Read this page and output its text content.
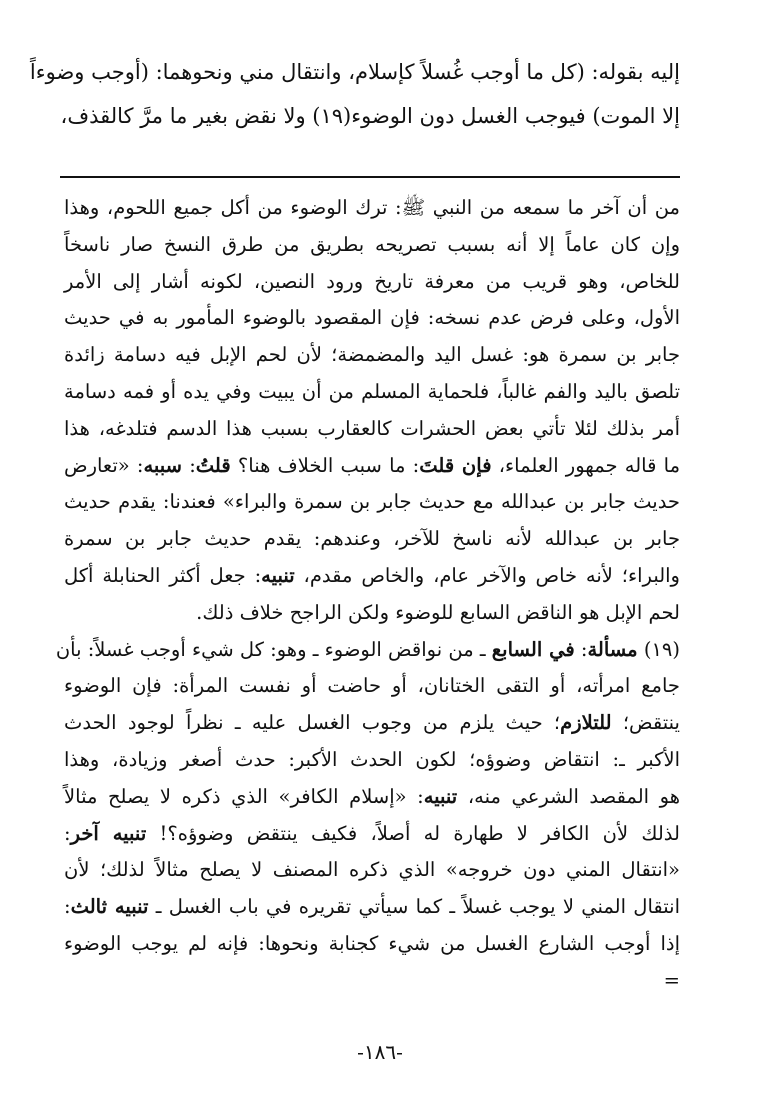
إليه بقوله: (كل ما أوجب غُسلاً كإسلام، وانتقال مني ونحوهما: (أوجب وضوءاً

إلا الموت) فيوجب الغسل دون الوضوء(١٩) ولا نقض بغير ما مرَّ كالقذف،

من أن آخر ما سمعه من النبي ﷺ: ترك الوضوء من أكل جميع اللحوم، وهذا
وإن كان عاماً إلا أنه بسبب تصريحه بطريق من طرق النسخ صار ناسخاً
للخاص، وهو قريب من معرفة تاريخ ورود النصين، لكونه أشار إلى الأمر
الأول، وعلى فرض عدم نسخه: فإن المقصود بالوضوء المأمور به في حديث
جابر بن سمرة هو: غسل اليد والمضمضة؛ لأن لحم الإبل فيه دسامة زائدة
تلصق باليد والفم غالباً، فلحماية المسلم من أن يبيت وفي يده أو فمه دسامة
أمر بذلك لئلا تأتي بعض الحشرات كالعقارب بسبب هذا الدسم فتلدغه، هذا
ما قاله جمهور العلماء، فإن قلتَ: ما سبب الخلاف هنا؟ قلتُ: سببه: «تعارض
حديث جابر بن عبدالله مع حديث جابر بن سمرة والبراء» فعندنا: يقدم حديث
جابر بن عبدالله لأنه ناسخ للآخر، وعندهم: يقدم حديث جابر بن سمرة
والبراء؛ لأنه خاص والآخر عام، والخاص مقدم، تنبيه: جعل أكثر الحنابلة أكل
لحم الإبل هو الناقض السابع للوضوء ولكن الراجح خلاف ذلك.
(١٩) مسألة: في السابع ـ من نواقض الوضوء ـ وهو: كل شيء أوجب غسلاً: بأن
جامع امرأته، أو التقى الختانان، أو حاضت أو نفست المرأة: فإن الوضوء
ينتقض؛ للتلازم؛ حيث يلزم من وجوب الغسل عليه ـ نظراً لوجود الحدث
الأكبر ـ: انتقاض وضوؤه؛ لكون الحدث الأكبر: حدث أصغر وزيادة، وهذا
هو المقصد الشرعي منه، تنبيه: «إسلام الكافر» الذي ذكره لا يصلح مثالاً
لذلك لأن الكافر لا طهارة له أصلاً، فكيف ينتقض وضوؤه؟! تنبيه آخر:
«انتقال المني دون خروجه» الذي ذكره المصنف لا يصلح مثالاً لذلك؛ لأن
انتقال المني لا يوجب غسلاً ـ كما سيأتي تقريره في باب الغسل ـ تنبيه ثالث:
إذا أوجب الشارع الغسل من شيء كجنابة ونحوها: فإنه لم يوجب الوضوء
=
-١٨٦-
